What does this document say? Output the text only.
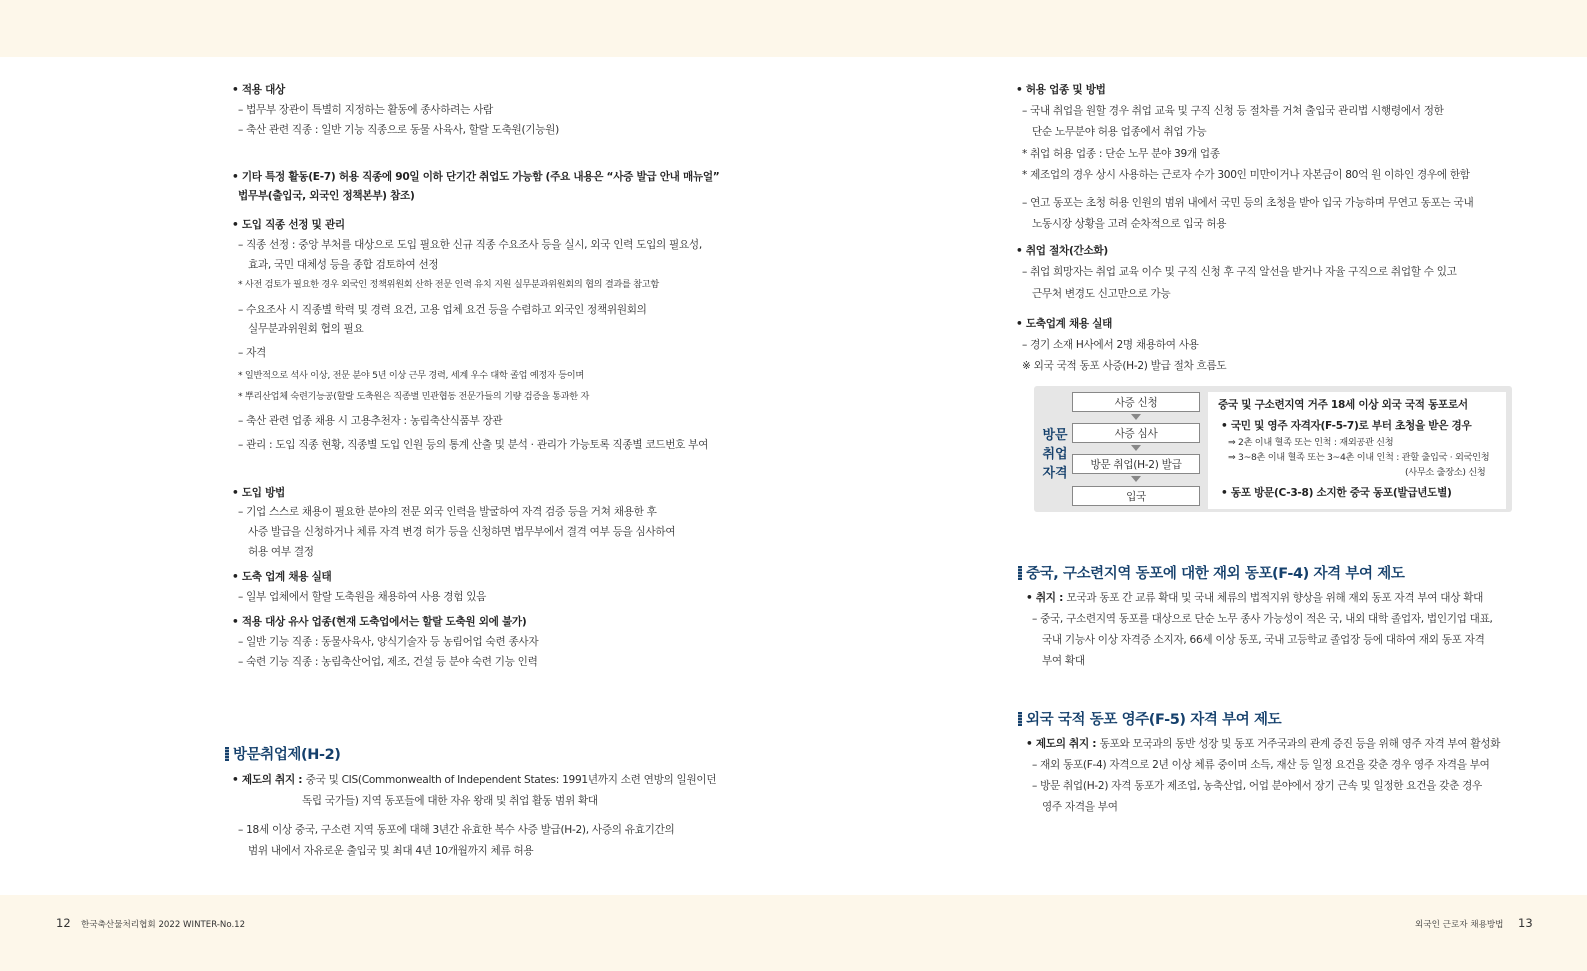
• 적용 대상
– 법무부 장관이 특별히 지정하는 활동에 종사하려는 사람
– 축산 관련 직종 : 일반 기능 직종으로 동물 사육사, 할랄 도축원(기능원)
• 기타 특정 활동(E-7) 허용 직종에 90일 이하 단기간 취업도 가능함 (주요 내용은 “사증 발급 안내 매뉴얼”
법무부(출입국, 외국인 정책본부) 참조)
• 도입 직종 선정 및 관리
– 직종 선정 : 중앙 부처를 대상으로 도입 필요한 신규 직종 수요조사 등을 실시, 외국 인력 도입의 필요성,
효과, 국민 대체성 등을 종합 검토하여 선정
* 사전 검토가 필요한 경우 외국인 정책위원회 산하 전문 인력 유치 지원 실무분과위원회의 협의 결과를 참고함
– 수요조사 시 직종별 학력 및 경력 요건, 고용 업체 요건 등을 수렴하고 외국인 정책위원회의
실무분과위원회 협의 필요
– 자격
* 일반적으로 석사 이상, 전문 분야 5년 이상 근무 경력, 세계 우수 대학 졸업 예정자 등이며
* 뿌리산업체 숙련기능공(할랄 도축원은 직종별 민관협동 전문가들의 기량 검증을 통과한 자
– 축산 관련 업종 채용 시 고용추천자 : 농림축산식품부 장관
– 관리 : 도입 직종 현황, 직종별 도입 인원 등의 통계 산출 및 분석 · 관리가 가능토록 직종별 코드번호 부여
• 도입 방법
– 기업 스스로 채용이 필요한 분야의 전문 외국 인력을 발굴하여 자격 검증 등을 거쳐 채용한 후
사증 발급을 신청하거나 체류 자격 변경 허가 등을 신청하면 법무부에서 결격 여부 등을 심사하여
허용 여부 결정
• 도축 업계 채용 실태
– 일부 업체에서 할랄 도축원을 채용하여 사용 경험 있음
• 적용 대상 유사 업종(현재 도축업에서는 할랄 도축원 외에 불가)
– 일반 기능 직종 : 동물사육사, 양식기술자 등 농림어업 숙련 종사자
– 숙련 기능 직종 : 농림축산어업, 제조, 건설 등 분야 숙련 기능 인력
방문취업제(H-2)
• 제도의 취지 : 중국 및 CIS(Commonwealth of Independent States: 1991년까지 소련 연방의 일원이던
독립 국가들) 지역 동포들에 대한 자유 왕래 및 취업 활동 범위 확대
– 18세 이상 중국, 구소련 지역 동포에 대해 3년간 유효한 복수 사증 발급(H-2), 사증의 유효기간의
범위 내에서 자유로운 출입국 및 최대 4년 10개월까지 체류 허용
• 허용 업종 및 방법
– 국내 취업을 원할 경우 취업 교육 및 구직 신청 등 절차를 거쳐 출입국 관리법 시행령에서 정한
단순 노무분야 허용 업종에서 취업 가능
* 취업 허용 업종 : 단순 노무 분야 39개 업종
* 제조업의 경우 상시 사용하는 근로자 수가 300인 미만이거나 자본금이 80억 원 이하인 경우에 한함
– 연고 동포는 초청 허용 인원의 범위 내에서 국민 등의 초청을 받아 입국 가능하며 무연고 동포는 국내
노동시장 상황을 고려 순차적으로 입국 허용
• 취업 절차(간소화)
– 취업 희망자는 취업 교육 이수 및 구직 신청 후 구직 알선을 받거나 자율 구직으로 취업할 수 있고
근무처 변경도 신고만으로 가능
• 도축업계 채용 실태
– 경기 소재 H사에서 2명 채용하여 사용
※ 외국 국적 동포 사증(H-2) 발급 절차 흐름도
방문
취업
자격
사증 신청
사증 심사
방문 취업(H-2) 발급
입국
중국 및 구소련지역 거주 18세 이상 외국 국적 동포로서
• 국민 및 영주 자격자(F-5-7)로 부터 초청을 받은 경우
⇒ 2촌 이내 혈족 또는 인척 : 재외공관 신청
⇒ 3~8촌 이내 혈족 또는 3~4촌 이내 인척 : 관할 출입국 · 외국인청
(사무소 출장소) 신청
• 동포 방문(C-3-8) 소지한 중국 동포(발급년도별)
중국, 구소련지역 동포에 대한 재외 동포(F-4) 자격 부여 제도
• 취지 : 모국과 동포 간 교류 확대 및 국내 체류의 법적지위 향상을 위해 재외 동포 자격 부여 대상 확대
– 중국, 구소련지역 동포를 대상으로 단순 노무 종사 가능성이 적은 국, 내외 대학 졸업자, 법인기업 대표,
국내 기능사 이상 자격증 소지자, 66세 이상 동포, 국내 고등학교 졸업장 등에 대하여 재외 동포 자격
부여 확대
외국 국적 동포 영주(F-5) 자격 부여 제도
• 제도의 취지 : 동포와 모국과의 동반 성장 및 동포 거주국과의 관계 증진 등을 위해 영주 자격 부여 활성화
– 재외 동포(F-4) 자격으로 2년 이상 체류 중이며 소득, 재산 등 일정 요건을 갖춘 경우 영주 자격을 부여
– 방문 취업(H-2) 자격 동포가 제조업, 농축산업, 어업 분야에서 장기 근속 및 일정한 요건을 갖춘 경우
영주 자격을 부여
12 한국축산물처리협회 2022 WINTER-No.12	외국인 근로자 채용방법 13
